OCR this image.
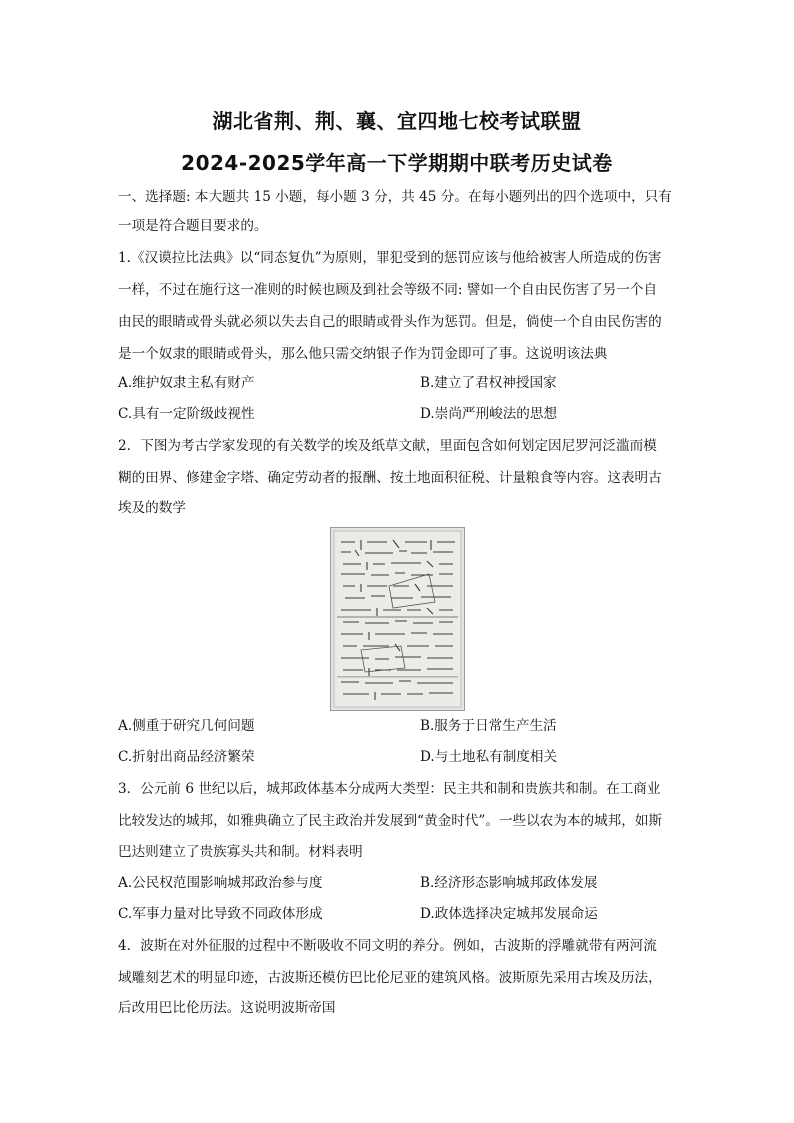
湖北省荆、荆、襄、宜四地七校考试联盟
2024-2025学年高一下学期期中联考历史试卷
一、选择题: 本大题共 15 小题，每小题 3 分，共 45 分。在每小题列出的四个选项中，只有
一项是符合题目要求的。
1.《汉谟拉比法典》以“同态复仇”为原则，罪犯受到的惩罚应该与他给被害人所造成的伤害
一样，不过在施行这一准则的时候也顾及到社会等级不同: 譬如一个自由民伤害了另一个自
由民的眼睛或骨头就必须以失去自己的眼睛或骨头作为惩罚。但是，倘使一个自由民伤害的
是一个奴隶的眼睛或骨头，那么他只需交纳银子作为罚金即可了事。这说明该法典
A.维护奴隶主私有财产	B.建立了君权神授国家
C.具有一定阶级歧视性	D.崇尚严刑峻法的思想
2．下图为考古学家发现的有关数学的埃及纸草文献，里面包含如何划定因尼罗河泛滥而模
糊的田界、修建金字塔、确定劳动者的报酬、按土地面积征税、计量粮食等内容。这表明古
埃及的数学
A.侧重于研究几何问题	B.服务于日常生产生活
C.折射出商品经济繁荣	D.与土地私有制度相关
3．公元前 6 世纪以后，城邦政体基本分成两大类型：民主共和制和贵族共和制。在工商业
比较发达的城邦，如雅典确立了民主政治并发展到“黄金时代”。一些以农为本的城邦，如斯
巴达则建立了贵族寡头共和制。材料表明
A.公民权范围影响城邦政治参与度	B.经济形态影响城邦政体发展
C.军事力量对比导致不同政体形成	D.政体选择决定城邦发展命运
4．波斯在对外征服的过程中不断吸收不同文明的养分。例如，古波斯的浮雕就带有两河流
域雕刻艺术的明显印迹，古波斯还模仿巴比伦尼亚的建筑风格。波斯原先采用古埃及历法，
后改用巴比伦历法。这说明波斯帝国
